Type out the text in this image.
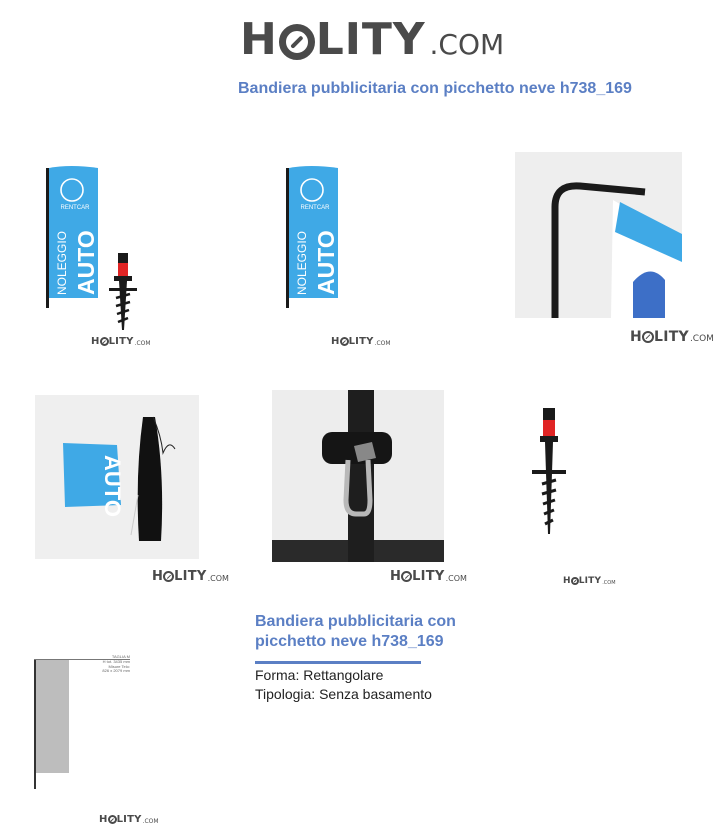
H LITY .COM
Bandiera pubblicitaria con picchetto neve h738_169
RENTCAR
NOLEGGIO AUTO
H LITY .COM
RENTCAR
NOLEGGIO AUTO
H LITY .COM	H LITY .COM
AUTO
H LITY .COM	H LITY .COM	H LITY .COM
TAGLIA M
H tot. 3435 mm
Misure Telo:
826 x 2079 mm
H LITY .COM
Bandiera pubblicitaria con picchetto neve h738_169

Forma: Rettangolare

Tipologia: Senza basamento
